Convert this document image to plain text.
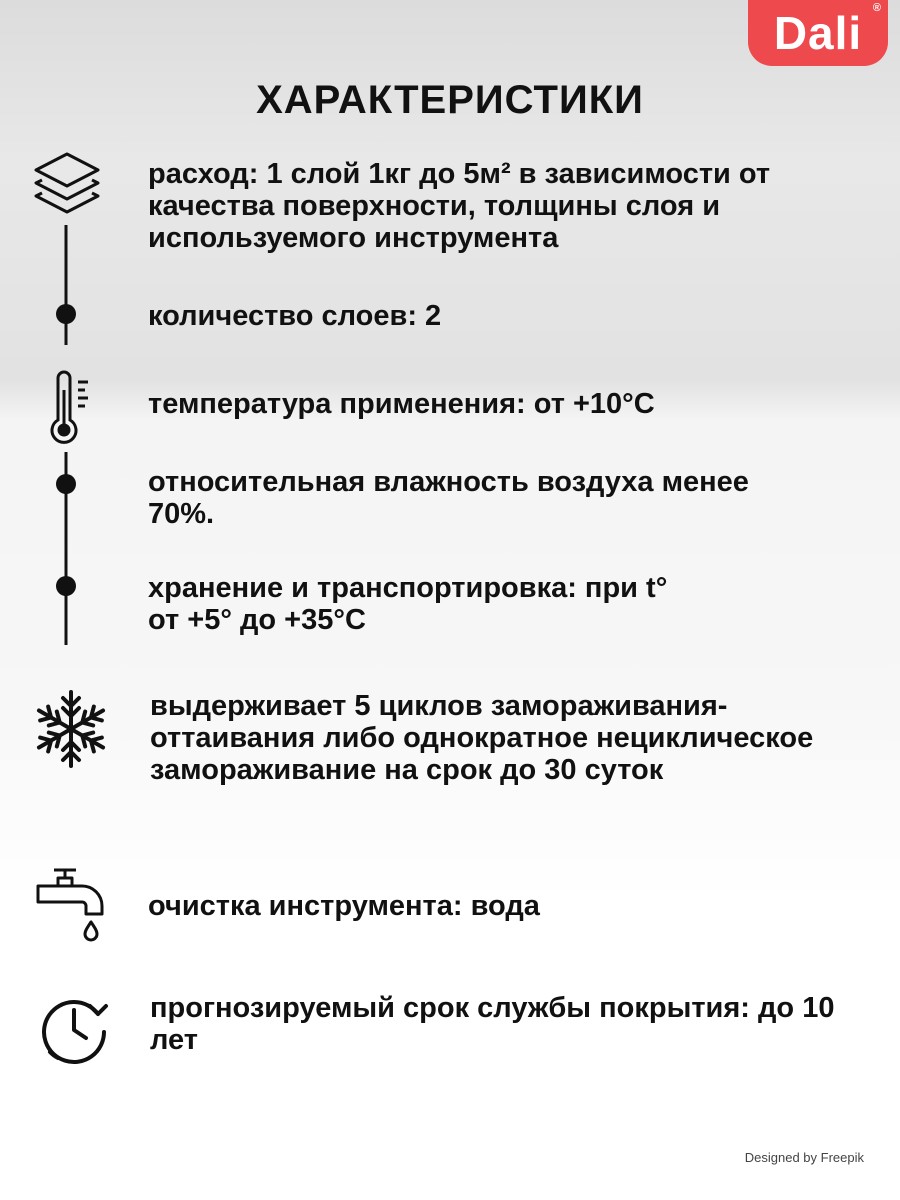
Dali ®
ХАРАКТЕРИСТИКИ
расход: 1 слой 1кг до 5м² в зависимости от качества поверхности, толщины слоя и используемого инструмента
количество слоев: 2
температура применения: от +10°С
относительная влажность воздуха менее 70%.
хранение и транспортировка: при t° от +5° до +35°С
выдерживает 5 циклов замораживания-оттаивания либо однократное нециклическое замораживание на срок до 30 суток
очистка инструмента: вода
прогнозируемый срок службы покрытия: до 10 лет
Designed by Freepik
